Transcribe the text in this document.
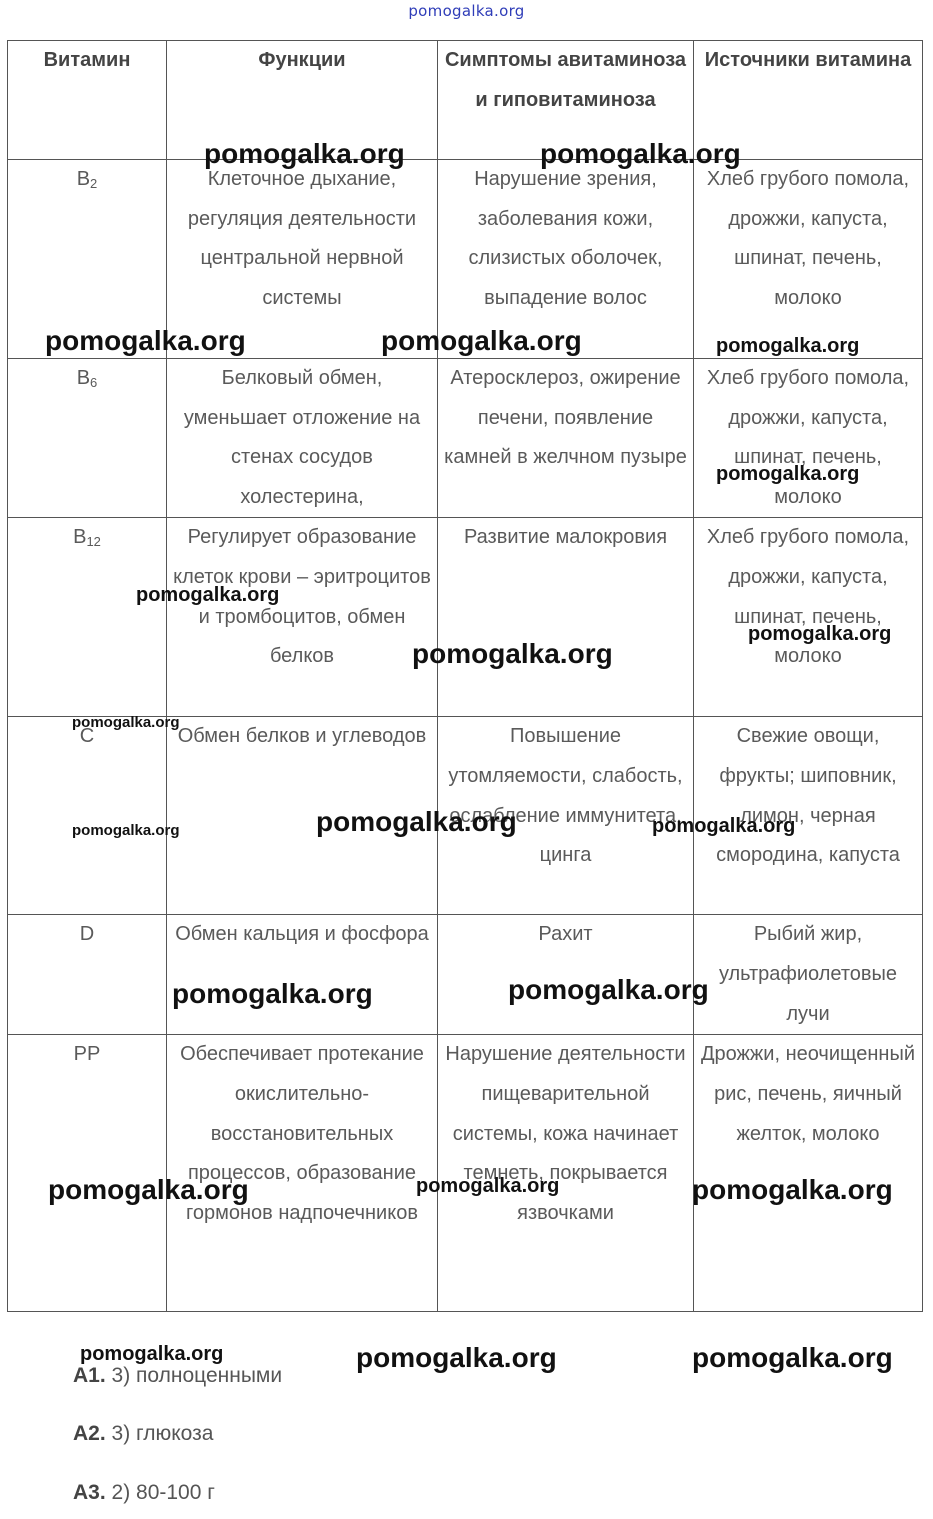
pomogalka.org
Витамин	Функции	Симптомы авитаминоза и гиповитаминоза	Источники витамина
$B_2$	Клеточное дыхание, регуляция деятельности центральной нервной системы	Нарушение зрения, заболевания кожи, слизистых оболочек, выпадение волос	Хлеб грубого помола, дрожжи, капуста, шпинат, печень, молоко
$B_6$	Белковый обмен, уменьшает отложение на стенах сосудов холестерина,	Атеросклероз, ожирение печени, появление камней в желчном пузыре	Хлеб грубого помола, дрожжи, капуста, шпинат, печень, молоко
$B_{12}$	Регулирует образование клеток крови – эритроцитов и тромбоцитов, обмен белков	Развитие малокровия	Хлеб грубого помола, дрожжи, капуста, шпинат, печень, молоко
C	Обмен белков и углеводов	Повышение утомляемости, слабость, ослабление иммунитета, цинга	Свежие овощи, фрукты; шиповник, лимон, черная смородина, капуста
D	Обмен кальция и фосфора	Рахит	Рыбий жир, ультрафиолетовые лучи
PP	Обеспечивает протекание окислительно-восстановительных процессов, образование гормонов надпочечников	Нарушение деятельности пищеварительной системы, кожа начинает темнеть, покрывается язвочками	Дрожжи, неочищенный рис, печень, яичный желток, молоко
А1. 3) полноценными
А2. 3) глюкоза
А3. 2) 80-100 г
pomogalka.org	pomogalka.org
pomogalka.org	pomogalka.org	pomogalka.org
pomogalka.org
pomogalka.org
pomogalka.org
pomogalka.org
pomogalka.org
pomogalka.org	pomogalka.org	pomogalka.org
pomogalka.org	pomogalka.org
pomogalka.org	pomogalka.org	pomogalka.org
pomogalka.org	pomogalka.org	pomogalka.org
